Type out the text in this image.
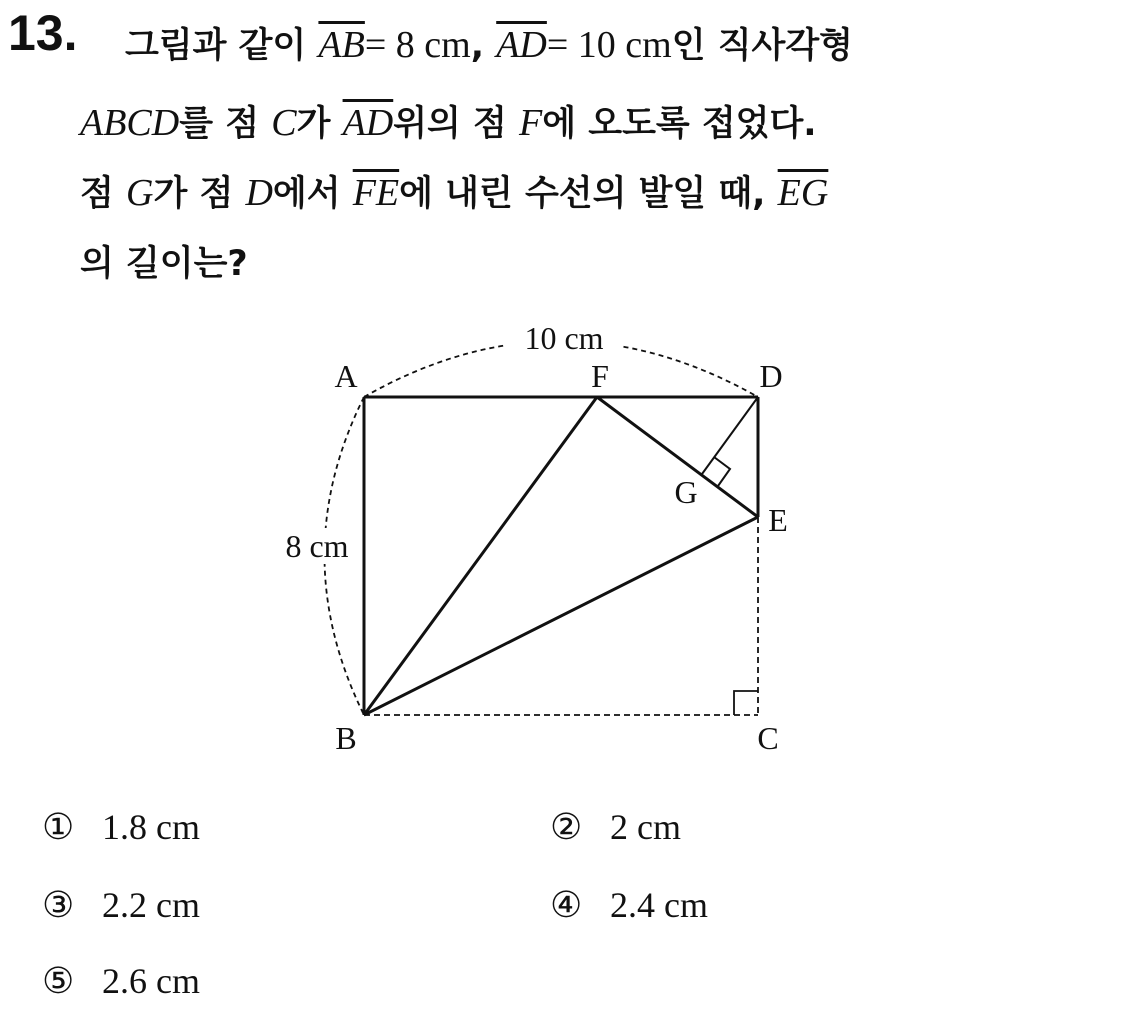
13. 그림과 같이 $\overline{AB}= 8$ cm, $\overline{AD}= 10$ cm인 직사각형
ABCD를 점 C가 $\overline{AD}$위의 점 F에 오도록 접었다.
점 G가 점 D에서 $\overline{FE}$에 내린 수선의 발일 때, $\overline{EG}$
의 길이는?
10 cm
8 cm
A	F	D
G
E
B	C
① 1.8 cm	② 2 cm
③ 2.2 cm	④ 2.4 cm
⑤ 2.6 cm
